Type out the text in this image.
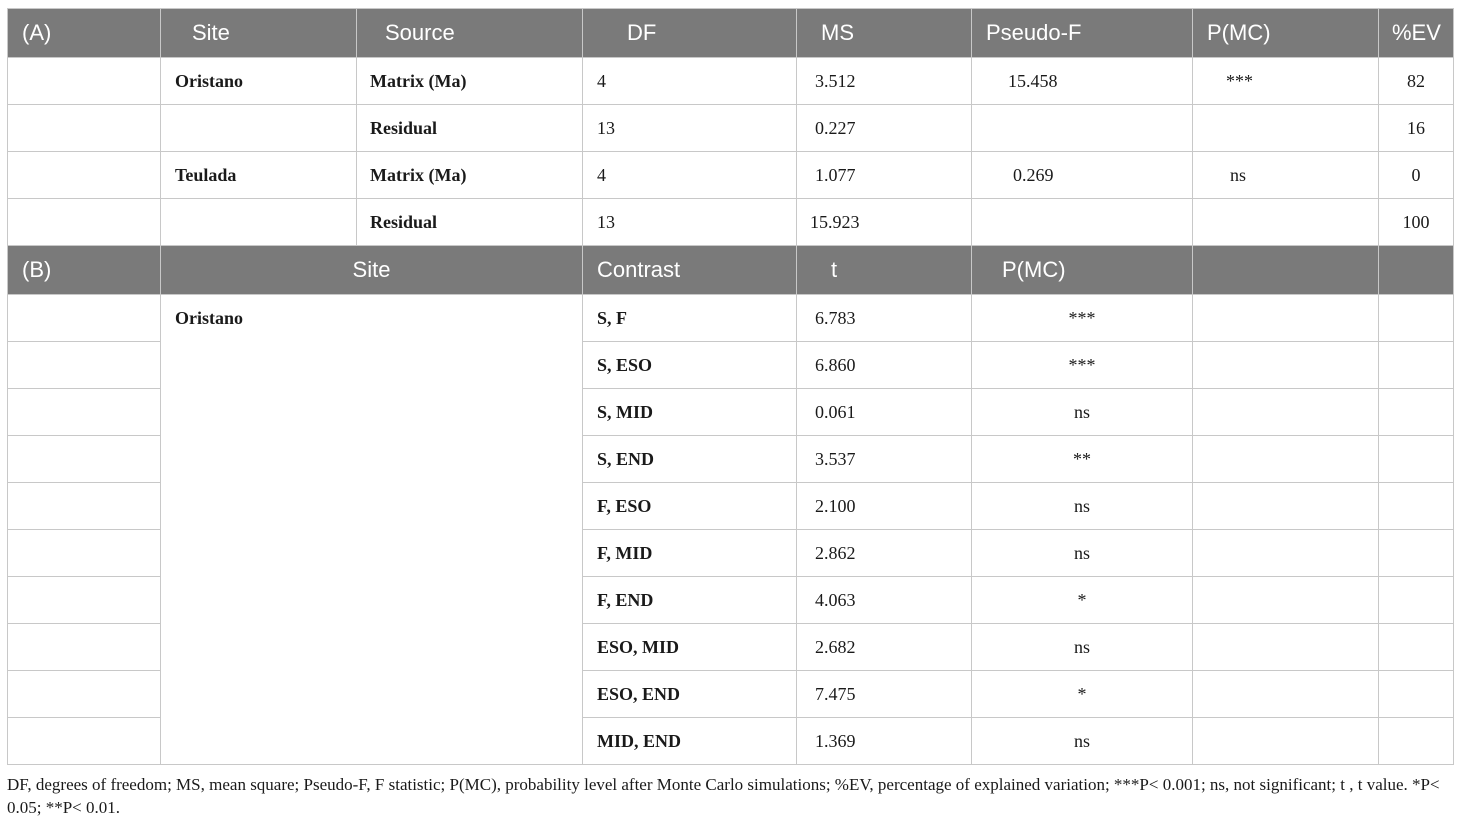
(A)	Site	Source	DF	MS	Pseudo-F	P(MC)	%EV
	Oristano	Matrix (Ma)	4	3.512	15.458	***	82
		Residual	13	0.227			16
	Teulada	Matrix (Ma)	4	1.077	0.269	ns	0
		Residual	13	15.923			100
(B)	Site		Contrast	t	P(MC)		
	Oristano		S, F	6.783	***		
			S, ESO	6.860	***		
			S, MID	0.061	ns		
			S, END	3.537	**		
			F, ESO	2.100	ns		
			F, MID	2.862	ns		
			F, END	4.063	*		
			ESO, MID	2.682	ns		
			ESO, END	7.475	*		
			MID, END	1.369	ns		
DF, degrees of freedom; MS, mean square; Pseudo-F, F statistic; P(MC), probability level after Monte Carlo simulations; %EV, percentage of explained variation; ***P< 0.001; ns, not significant; t , t value. *P< 0.05; **P< 0.01.
